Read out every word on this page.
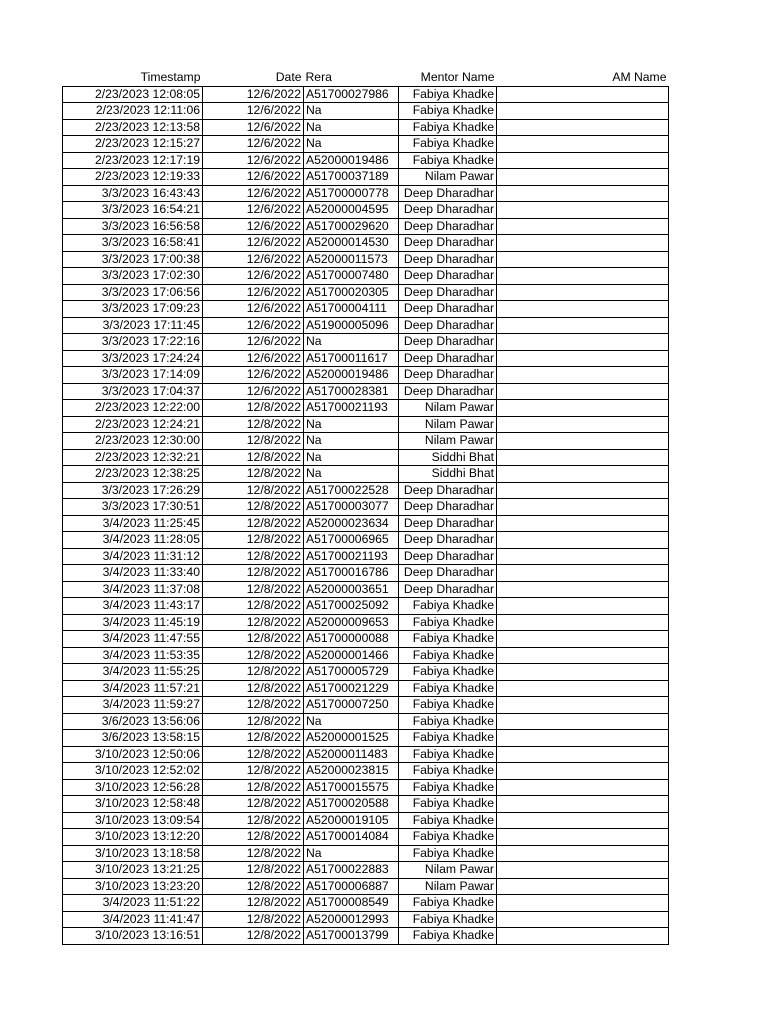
Timestamp	Date	Rera	Mentor Name	AM Name
2/23/2023 12:08:05	12/6/2022	A51700027986	Fabiya Khadke	
2/23/2023 12:11:06	12/6/2022	Na	Fabiya Khadke	
2/23/2023 12:13:58	12/6/2022	Na	Fabiya Khadke	
2/23/2023 12:15:27	12/6/2022	Na	Fabiya Khadke	
2/23/2023 12:17:19	12/6/2022	A52000019486	Fabiya Khadke	
2/23/2023 12:19:33	12/6/2022	A51700037189	Nilam Pawar	
3/3/2023 16:43:43	12/6/2022	A51700000778	Deep Dharadhar	
3/3/2023 16:54:21	12/6/2022	A52000004595	Deep Dharadhar	
3/3/2023 16:56:58	12/6/2022	A51700029620	Deep Dharadhar	
3/3/2023 16:58:41	12/6/2022	A52000014530	Deep Dharadhar	
3/3/2023 17:00:38	12/6/2022	A52000011573	Deep Dharadhar	
3/3/2023 17:02:30	12/6/2022	A51700007480	Deep Dharadhar	
3/3/2023 17:06:56	12/6/2022	A51700020305	Deep Dharadhar	
3/3/2023 17:09:23	12/6/2022	A51700004111	Deep Dharadhar	
3/3/2023 17:11:45	12/6/2022	A51900005096	Deep Dharadhar	
3/3/2023 17:22:16	12/6/2022	Na	Deep Dharadhar	
3/3/2023 17:24:24	12/6/2022	A51700011617	Deep Dharadhar	
3/3/2023 17:14:09	12/6/2022	A52000019486	Deep Dharadhar	
3/3/2023 17:04:37	12/6/2022	A51700028381	Deep Dharadhar	
2/23/2023 12:22:00	12/8/2022	A51700021193	Nilam Pawar	
2/23/2023 12:24:21	12/8/2022	Na	Nilam Pawar	
2/23/2023 12:30:00	12/8/2022	Na	Nilam Pawar	
2/23/2023 12:32:21	12/8/2022	Na	Siddhi Bhat	
2/23/2023 12:38:25	12/8/2022	Na	Siddhi Bhat	
3/3/2023 17:26:29	12/8/2022	A51700022528	Deep Dharadhar	
3/3/2023 17:30:51	12/8/2022	A51700003077	Deep Dharadhar	
3/4/2023 11:25:45	12/8/2022	A52000023634	Deep Dharadhar	
3/4/2023 11:28:05	12/8/2022	A51700006965	Deep Dharadhar	
3/4/2023 11:31:12	12/8/2022	A51700021193	Deep Dharadhar	
3/4/2023 11:33:40	12/8/2022	A51700016786	Deep Dharadhar	
3/4/2023 11:37:08	12/8/2022	A52000003651	Deep Dharadhar	
3/4/2023 11:43:17	12/8/2022	A51700025092	Fabiya Khadke	
3/4/2023 11:45:19	12/8/2022	A52000009653	Fabiya Khadke	
3/4/2023 11:47:55	12/8/2022	A51700000088	Fabiya Khadke	
3/4/2023 11:53:35	12/8/2022	A52000001466	Fabiya Khadke	
3/4/2023 11:55:25	12/8/2022	A51700005729	Fabiya Khadke	
3/4/2023 11:57:21	12/8/2022	A51700021229	Fabiya Khadke	
3/4/2023 11:59:27	12/8/2022	A51700007250	Fabiya Khadke	
3/6/2023 13:56:06	12/8/2022	Na	Fabiya Khadke	
3/6/2023 13:58:15	12/8/2022	A52000001525	Fabiya Khadke	
3/10/2023 12:50:06	12/8/2022	A52000011483	Fabiya Khadke	
3/10/2023 12:52:02	12/8/2022	A52000023815	Fabiya Khadke	
3/10/2023 12:56:28	12/8/2022	A51700015575	Fabiya Khadke	
3/10/2023 12:58:48	12/8/2022	A51700020588	Fabiya Khadke	
3/10/2023 13:09:54	12/8/2022	A52000019105	Fabiya Khadke	
3/10/2023 13:12:20	12/8/2022	A51700014084	Fabiya Khadke	
3/10/2023 13:18:58	12/8/2022	Na	Fabiya Khadke	
3/10/2023 13:21:25	12/8/2022	A51700022883	Nilam Pawar	
3/10/2023 13:23:20	12/8/2022	A51700006887	Nilam Pawar	
3/4/2023 11:51:22	12/8/2022	A51700008549	Fabiya Khadke	
3/4/2023 11:41:47	12/8/2022	A52000012993	Fabiya Khadke	
3/10/2023 13:16:51	12/8/2022	A51700013799	Fabiya Khadke	
